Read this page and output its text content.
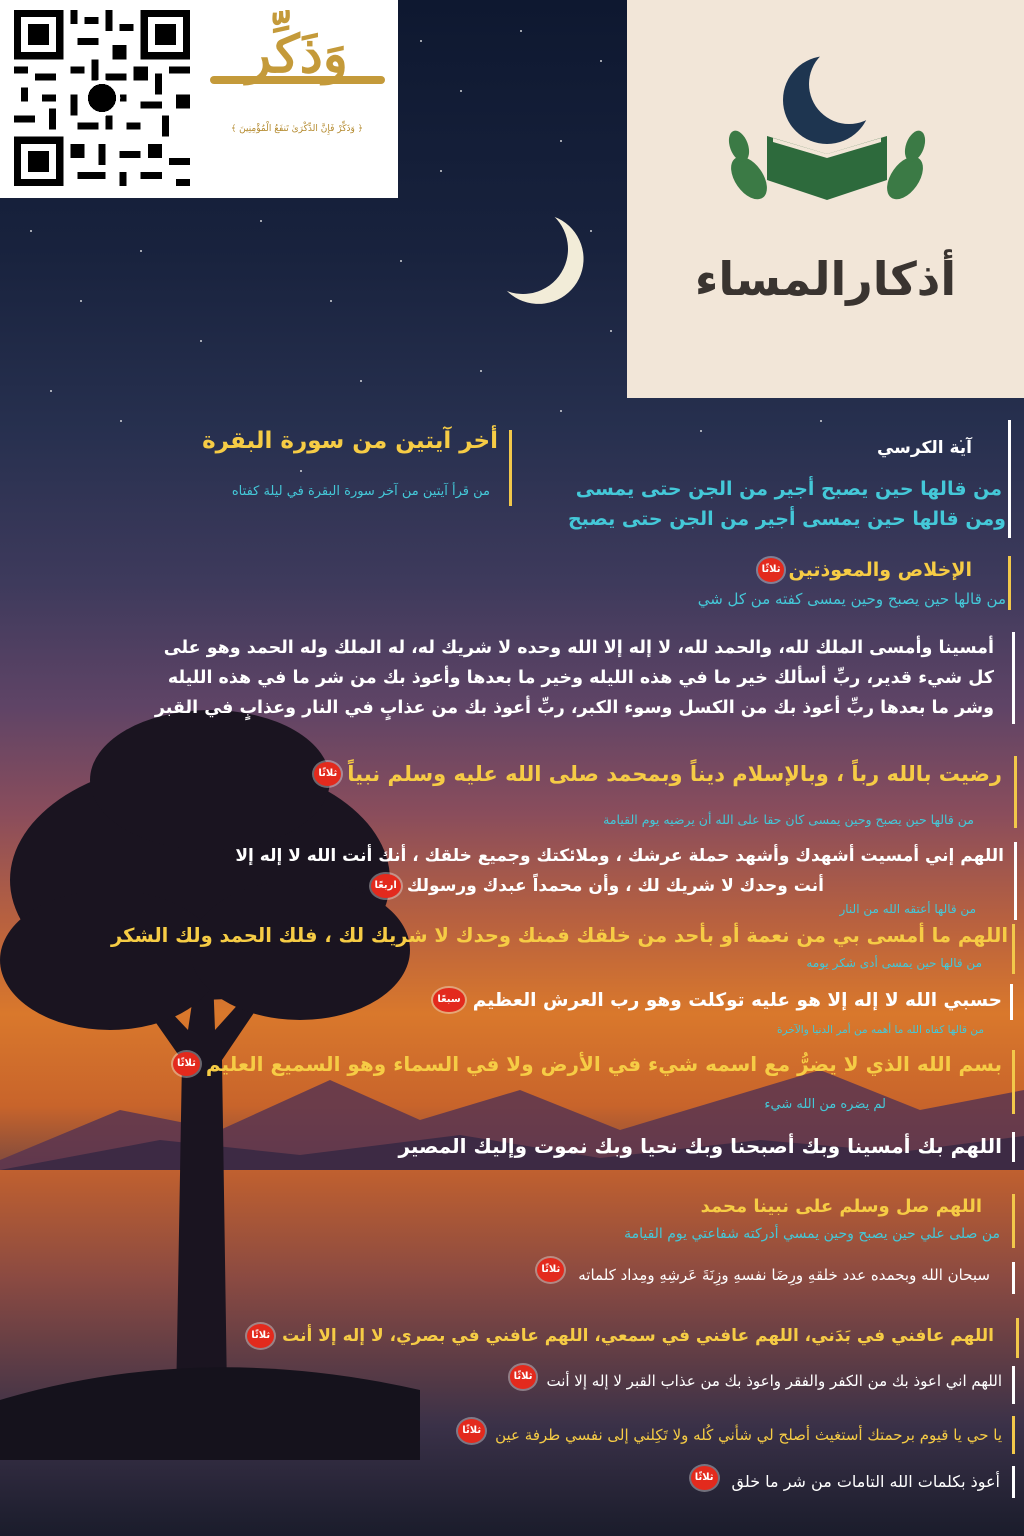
وَذَكِّر
﴿ وَذَكِّرْ فَإِنَّ الذِّكْرَىٰ تَنفَعُ الْمُؤْمِنِينَ ﴾
أذكارالمساء
أخر آيتين من سورة البقرة
من قرأ آيتين من آخر سورة البقرة في ليلة كفتاه
آية الكرسي
من قالها حين يصبح أجير من الجن حتى يمسى
ومن قالها حين يمسى أجير من الجن حتى يصبح
الإخلاص والمعوذتين
ثلاثًا
من قالها حين يصبح وحين يمسى كفته من كل شي
أمسينا وأمسى الملك لله، والحمد لله، لا إله إلا الله وحده لا شريك له، له الملك وله الحمد وهو على
كل شيء قدير، ربِّ أسألك خير ما في هذه الليله وخير ما بعدها وأعوذ بك من شر ما في هذه الليله
وشر ما بعدها ربِّ أعوذ بك من الكسل وسوء الكبر، ربِّ أعوذ بك من عذابٍ في النار وعذابٍ في القبر
رضيت بالله رباً ، وبالإسلام ديناً وبمحمد صلى الله عليه وسلم نبياً
ثلاثًا
من قالها حين يصبح وحين يمسى كان حقا على الله أن يرضيه يوم القيامة
اللهم إني أمسيت أشهدك وأشهد حملة عرشك ، وملائكتك وجميع خلقك ، أنك أنت الله لا إله إلا
أنت وحدك لا شريك لك ، وأن محمداً عبدك ورسولك
اربعًا
من قالها أعتقه الله من النار
اللهم ما أمسى بي من نعمة أو بأحد من خلقك فمنك وحدك لا شريك لك ، فلك الحمد ولك الشكر
من قالها حين يمسى أدى شكر يومه
حسبي الله لا إله إلا هو عليه توكلت وهو رب العرش العظيم
سبعًا
من قالها كفاه الله ما أهمه من أمر الدنيا والآخرة
بسم الله الذي لا يضرُّ مع اسمه شيء في الأرض ولا في السماء وهو السميع العليم
ثلاثًا
لم يضره من الله شيء
اللهم بك أمسينا وبك أصبحنا وبك نحيا وبك نموت وإليك المصير
اللهم صل وسلم على نبينا محمد
من صلى علي حين يصبح وحين يمسي أدركته شفاعتي يوم القيامة
سبحان الله وبحمده عدد خلقهِ ورِضَا نفسهِ وزِنَةَ عَرشِهِ ومِداد كلماته
ثلاثًا
اللهم عافني في بَدَني، اللهم عافني في سمعي، اللهم عافني في بصري، لا إله إلا أنت
ثلاثًا
اللهم اني اعوذ بك من الكفر والفقر واعوذ بك من عذاب القبر لا إله إلا أنت
ثلاثًا
يا حي يا قيوم برحمتك أستغيث أصلح لي شأني كُله ولا تَكِلني إلى نفسي طرفة عين
ثلاثًا
أعوذ بكلمات الله التامات من شر ما خلق
ثلاثًا
